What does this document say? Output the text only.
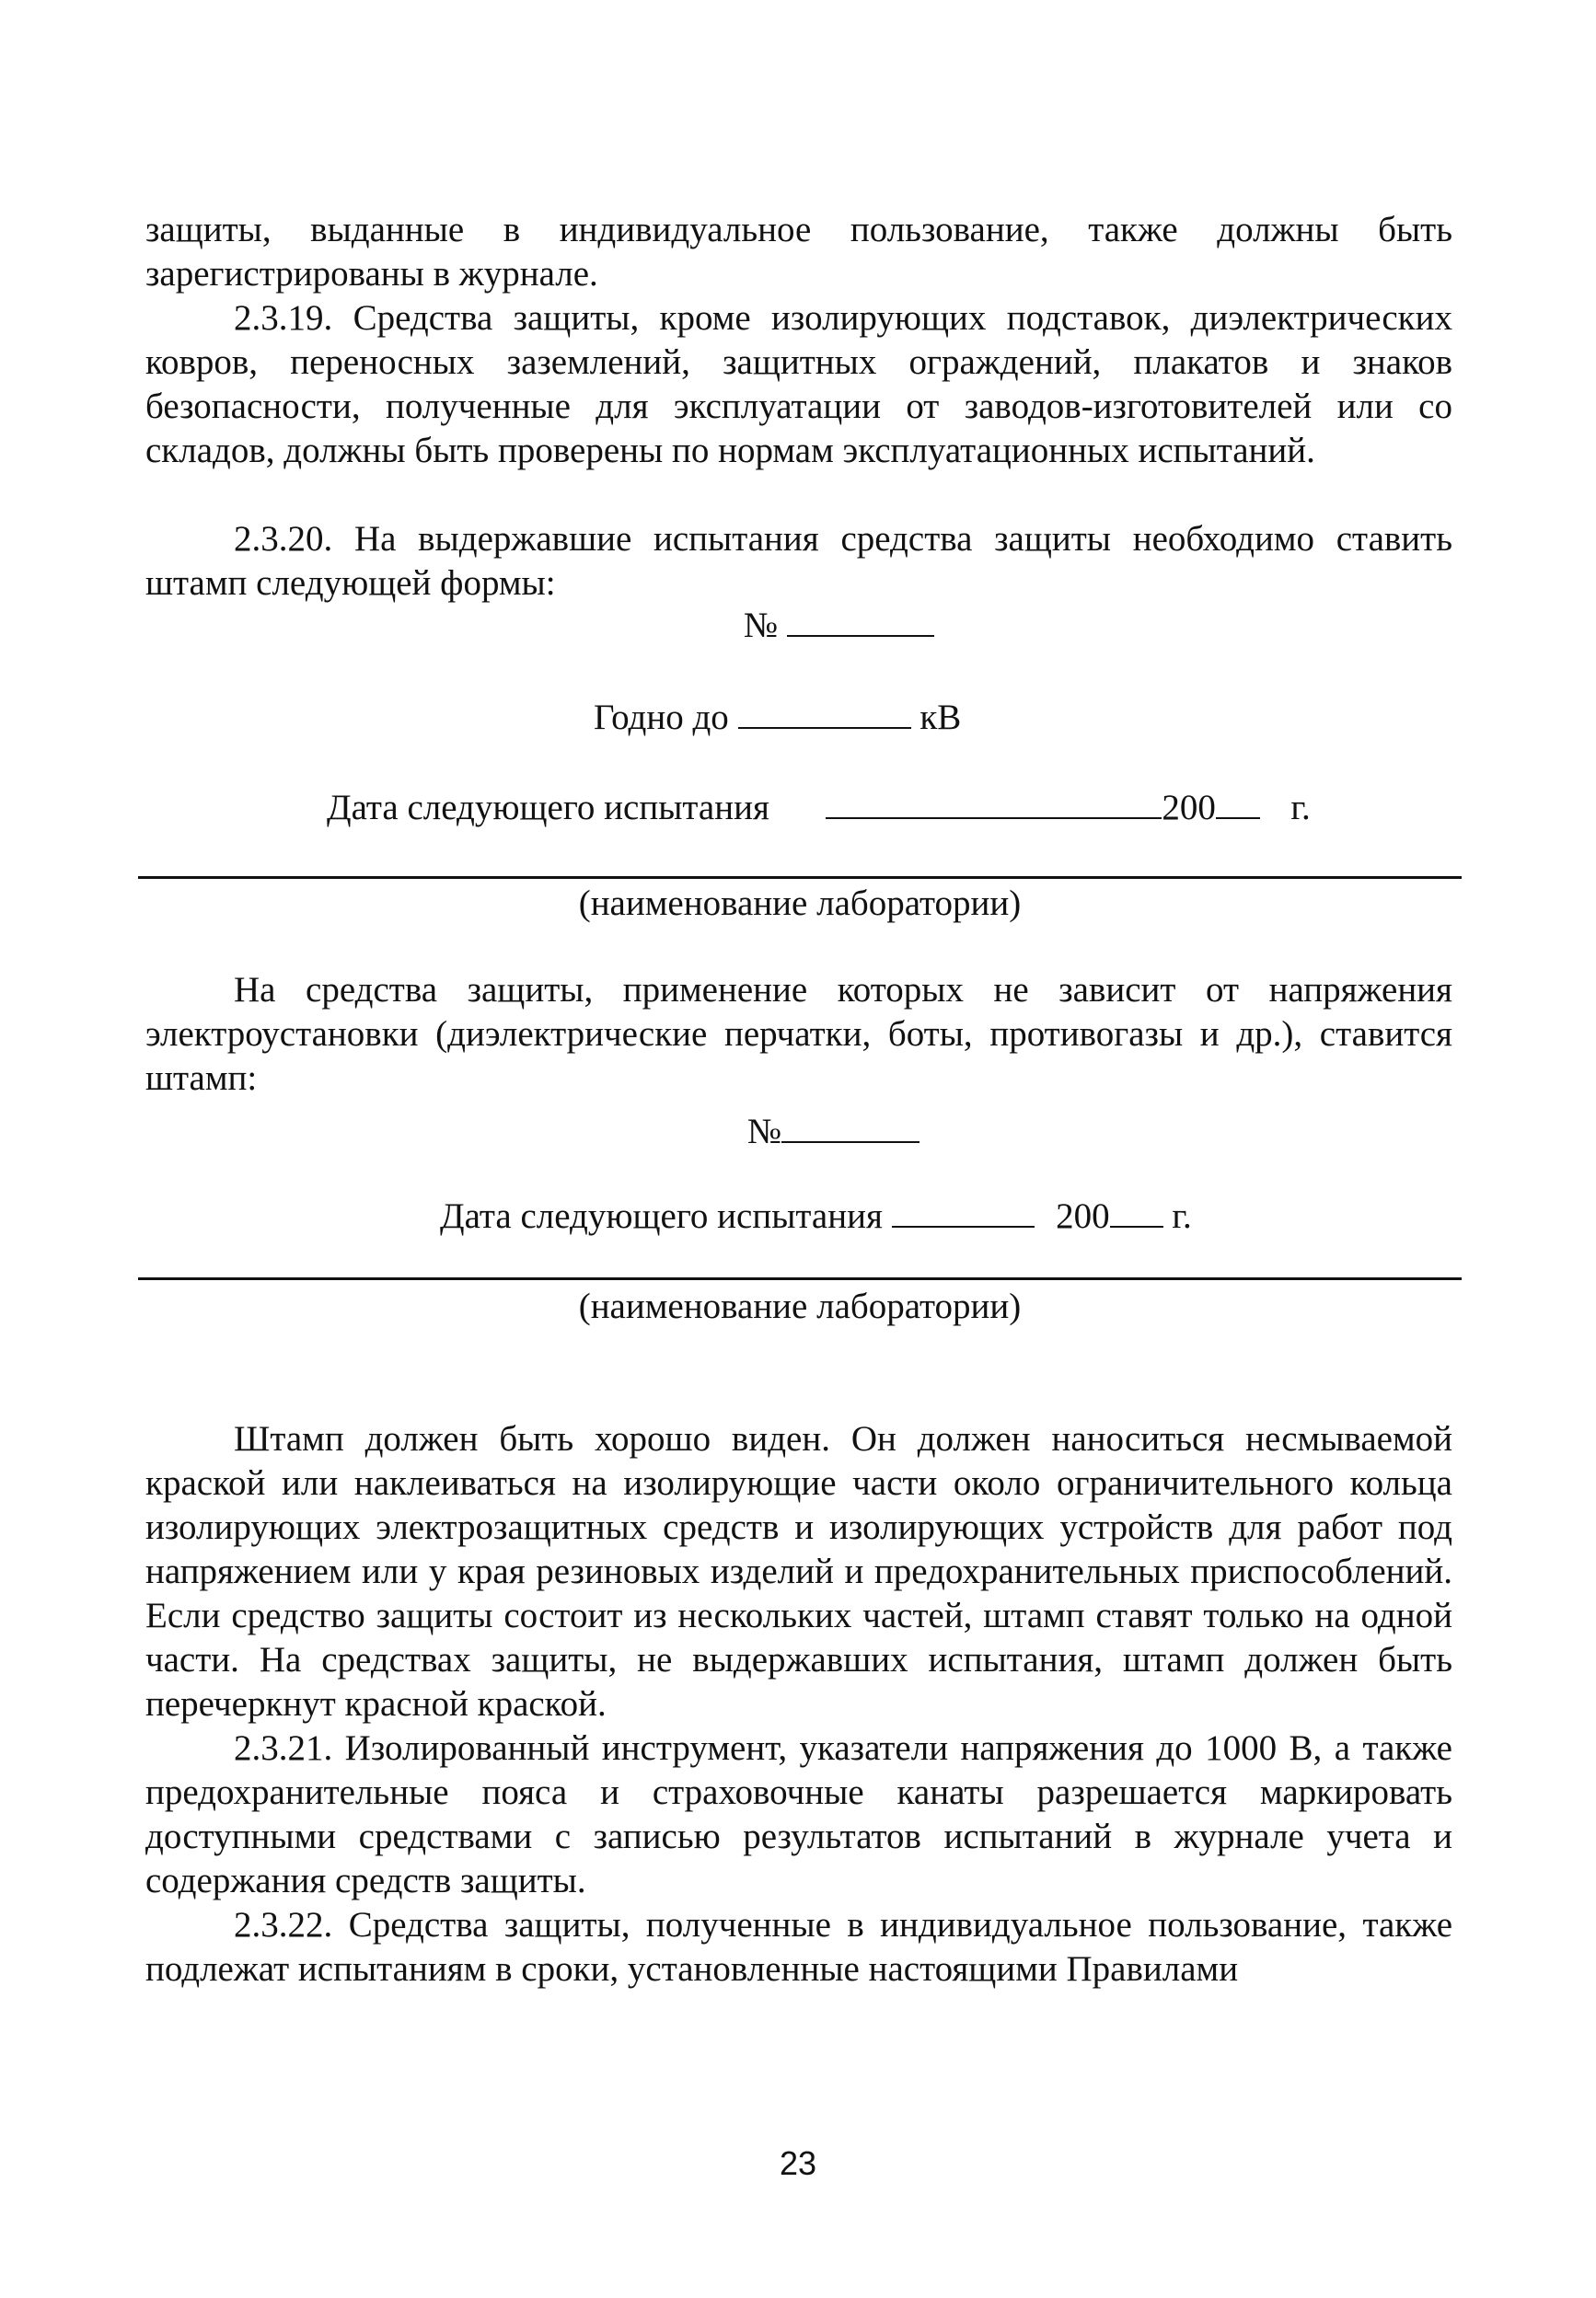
защиты, выданные в индивидуальное пользование, также должны быть зарегистрированы в журнале.

2.3.19. Средства защиты, кроме изолирующих подставок, диэлектрических ковров, переносных заземлений, защитных ограждений, плакатов и знаков безопасности, полученные для эксплуатации от заводов-изготовителей или со складов, должны быть проверены по нормам эксплуатационных испытаний.

2.3.20. На выдержавшие испытания средства защиты необходимо ставить штамп следующей формы:

№
Годно до	кВ
Дата следующего испытания	200 г.
(наименование лаборатории)

На средства защиты, применение которых не зависит от напряжения электроустановки (диэлектрические перчатки, боты, противогазы и др.), ставится штамп:

№
Дата следующего испытания	200 г.
(наименование лаборатории)

Штамп должен быть хорошо виден. Он должен наноситься несмываемой краской или наклеиваться на изолирующие части около ограничительного кольца изолирующих электрозащитных средств и изолирующих устройств для работ под напряжением или у края резиновых изделий и предохранительных приспособлений. Если средство защиты состоит из нескольких частей, штамп ставят только на одной части. На средствах защиты, не выдержавших испытания, штамп должен быть перечеркнут красной краской.

2.3.21. Изолированный инструмент, указатели напряжения до 1000 В, а также предохранительные пояса и страховочные канаты разрешается маркировать доступными средствами с записью результатов испытаний в журнале учета и содержания средств защиты.

2.3.22. Средства защиты, полученные в индивидуальное пользование, также подлежат испытаниям в сроки, установленные настоящими Правилами

23
